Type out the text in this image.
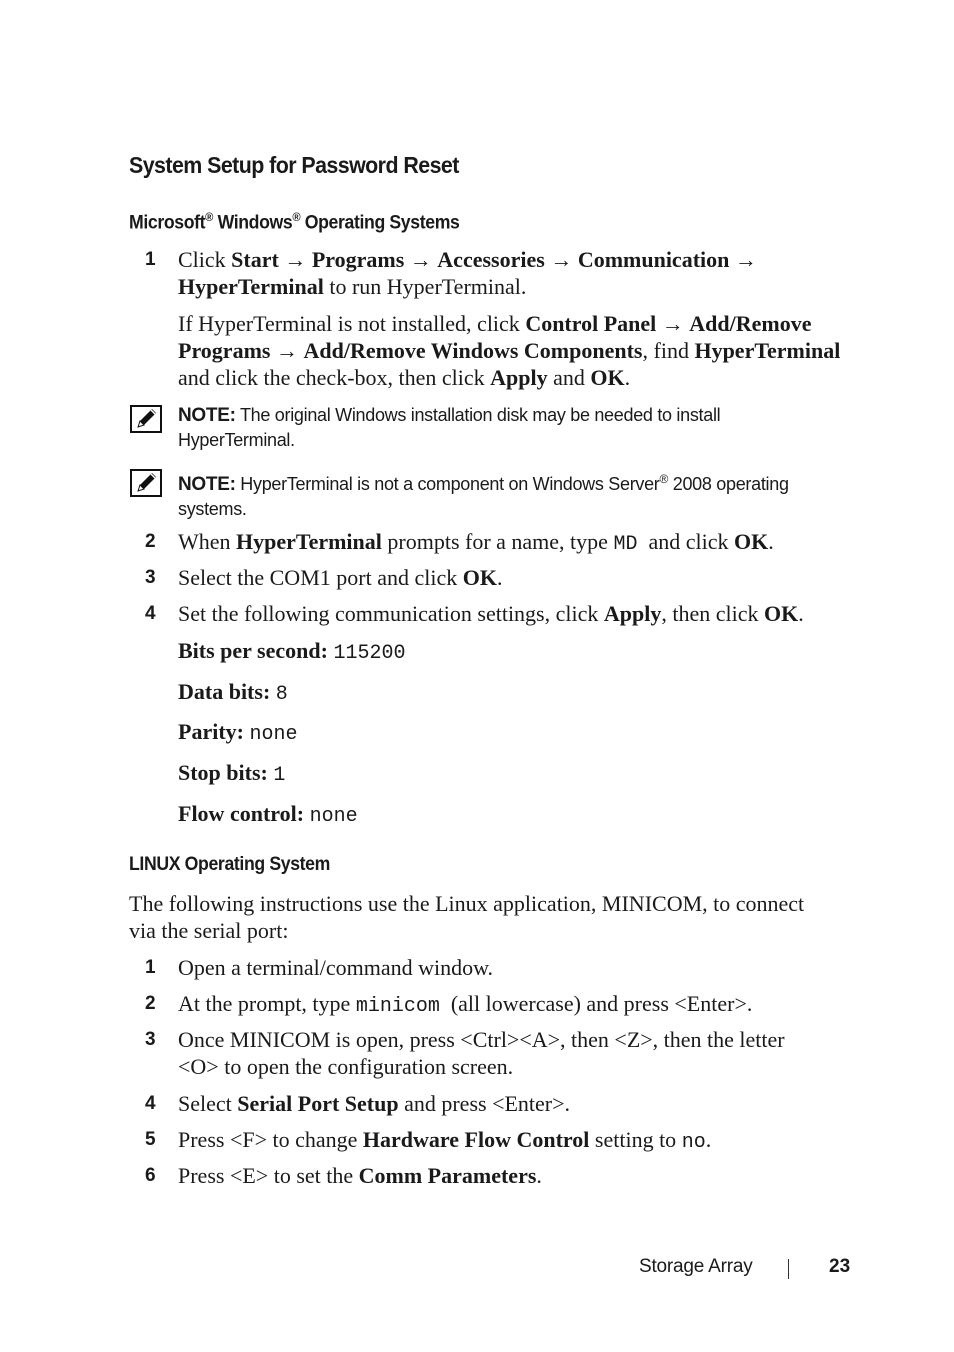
System Setup for Password Reset
Microsoft® Windows® Operating Systems
1 Click Start → Programs → Accessories → Communication →
HyperTerminal to run HyperTerminal.

If HyperTerminal is not installed, click Control Panel → Add/Remove
Programs → Add/Remove Windows Components, find HyperTerminal
and click the check-box, then click Apply and OK.

NOTE: The original Windows installation disk may be needed to install
HyperTerminal.
NOTE: HyperTerminal is not a component on Windows Server® 2008 operating
systems.
2 When HyperTerminal prompts for a name, type MD  and click OK.

3 Select the COM1 port and click OK.

4 Set the following communication settings, click Apply, then click OK.

Bits per second: 115200
Data bits: 8
Parity: none
Stop bits: 1
Flow control: none
LINUX Operating System

The following instructions use the Linux application, MINICOM, to connect
via the serial port:

1 Open a terminal/command window.

2 At the prompt, type minicom  (all lowercase) and press <Enter>.

3 Once MINICOM is open, press <Ctrl><A>, then <Z>, then the letter
<O> to open the configuration screen.

4 Select Serial Port Setup and press <Enter>.

5 Press <F> to change Hardware Flow Control setting to no.

6 Press <E> to set the Comm Parameters.

Storage Array	23
